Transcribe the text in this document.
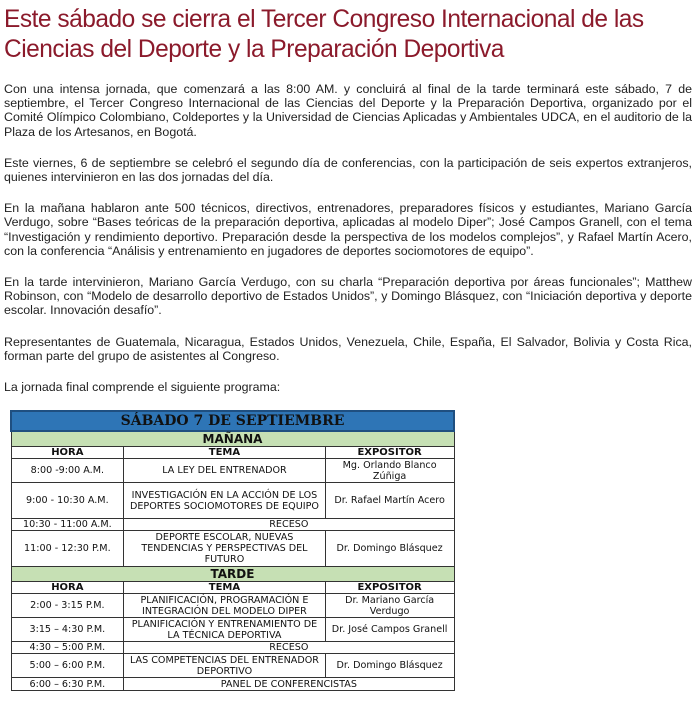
Este sábado se cierra el Tercer Congreso Internacional de las Ciencias del Deporte y la Preparación Deportiva

Con una intensa jornada, que comenzará a las 8:00 AM. y concluirá al final de la tarde terminará este sábado, 7 de septiembre, el Tercer Congreso Internacional de las Ciencias del Deporte y la Preparación Deportiva, organizado por el Comité Olímpico Colombiano, Coldeportes y la Universidad de Ciencias Aplicadas y Ambientales UDCA, en el auditorio de la Plaza de los Artesanos, en Bogotá.

Este viernes, 6 de septiembre se celebró el segundo día de conferencias, con la participación de seis expertos extranjeros, quienes intervinieron en las dos jornadas del día.

En la mañana hablaron ante 500 técnicos, directivos, entrenadores, preparadores físicos y estudiantes, Mariano García Verdugo, sobre “Bases teóricas de la preparación deportiva, aplicadas al modelo Diper”; José Campos Granell, con el tema “Investigación y rendimiento deportivo. Preparación desde la perspectiva de los modelos complejos”, y Rafael Martín Acero, con la conferencia “Análisis y entrenamiento en jugadores de deportes sociomotores de equipo”.

En la tarde intervinieron, Mariano García Verdugo, con su charla “Preparación deportiva por áreas funcionales”; Matthew Robinson, con “Modelo de desarrollo deportivo de Estados Unidos”, y Domingo Blásquez, con “Iniciación deportiva y deporte escolar. Innovación desafío”.

Representantes de Guatemala, Nicaragua, Estados Unidos, Venezuela, Chile, España, El Salvador, Bolivia y Costa Rica, forman parte del grupo de asistentes al Congreso.

La jornada final comprende el siguiente programa:

SÁBADO 7 DE SEPTIEMBRE		
MAÑANA		
HORA	TEMA	EXPOSITOR
8:00 -9:00 A.M.	LA LEY DEL ENTRENADOR	Mg. Orlando Blanco Zúñiga
9:00 - 10:30 A.M.	INVESTIGACIÓN EN LA ACCIÓN DE LOS DEPORTES SOCIOMOTORES DE EQUIPO	Dr. Rafael Martín Acero
10:30 - 11:00 A.M.	RECESO	
11:00 - 12:30 P.M.	DEPORTE ESCOLAR, NUEVAS TENDENCIAS Y PERSPECTIVAS DEL FUTURO	Dr. Domingo Blásquez
TARDE		
HORA	TEMA	EXPOSITOR
2:00 - 3:15 P.M.	PLANIFICACIÓN, PROGRAMACIÓN E INTEGRACIÓN DEL MODELO DIPER	Dr. Mariano García Verdugo
3:15 – 4:30 P.M.	PLANIFICACIÓN Y ENTRENAMIENTO DE LA TÉCNICA DEPORTIVA	Dr. José Campos Granell
4:30 – 5:00 P.M.	RECESO	
5:00 – 6:00 P.M.	LAS COMPETENCIAS DEL ENTRENADOR DEPORTIVO	Dr. Domingo Blásquez
6:00 – 6:30 P.M.	PANEL DE CONFERENCISTAS	
